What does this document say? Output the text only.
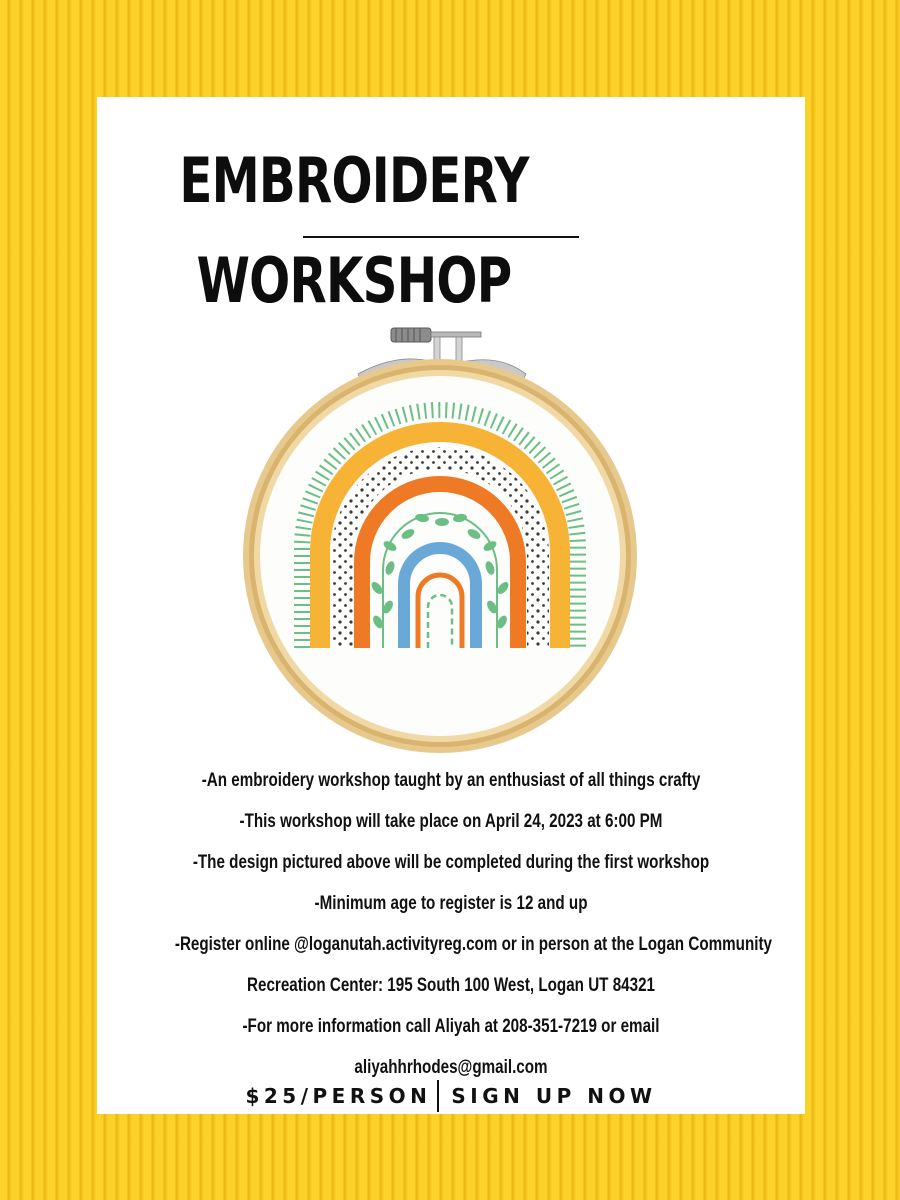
EMBROIDERY
WORKSHOP
-An embroidery workshop taught by an enthusiast of all things crafty
-This workshop will take place on April 24, 2023 at 6:00 PM
-The design pictured above will be completed during the first workshop
-Minimum age to register is 12 and up
-Register online @loganutah.activityreg.com or in person at the Logan Community
Recreation Center: 195 South 100 West, Logan UT 84321
-For more information call Aliyah at 208-351-7219 or email
aliyahhrhodes@gmail.com
$25/PERSON SIGN UP NOW
